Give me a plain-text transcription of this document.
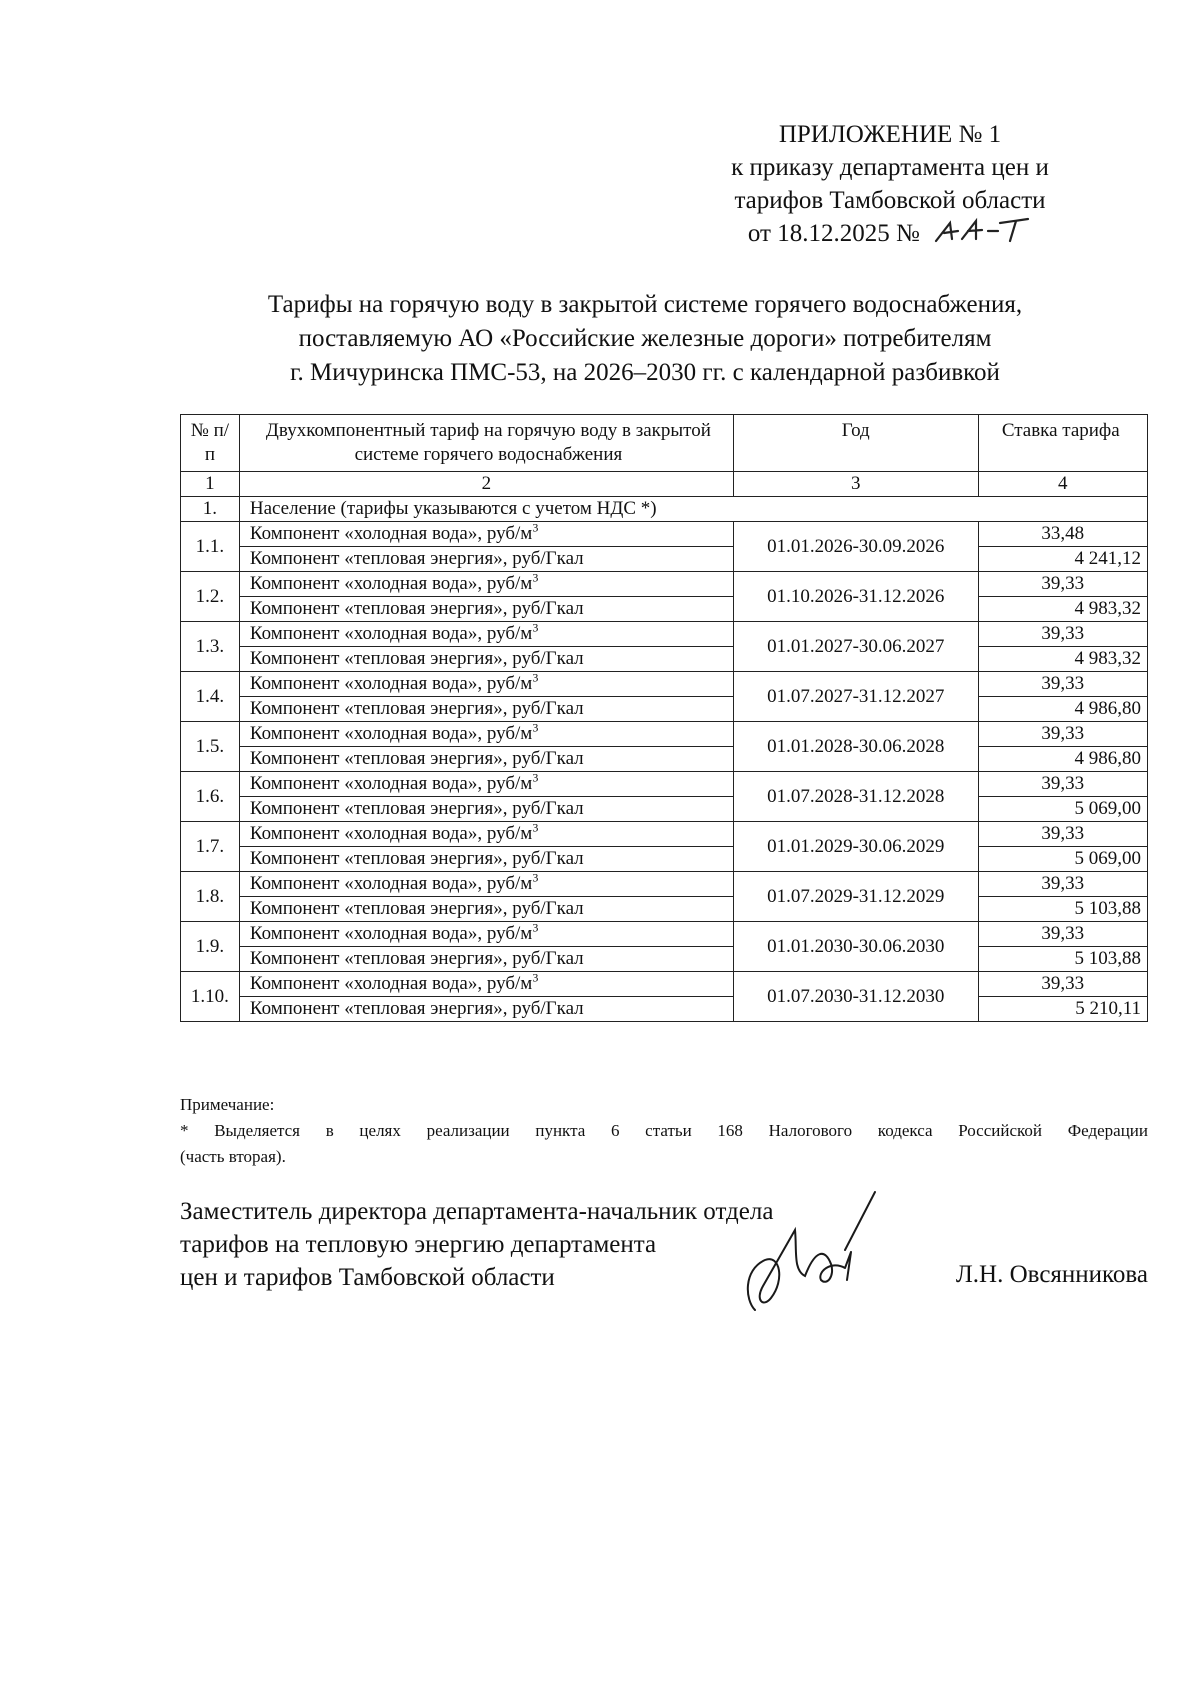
ПРИЛОЖЕНИЕ № 1
к приказу департамента цен и
тарифов Тамбовской области
от 18.12.2025 №
Тарифы на горячую воду в закрытой системе горячего водоснабжения,
поставляемую АО «Российские железные дороги» потребителям
г. Мичуринска ПМС-53, на 2026–2030 гг. с календарной разбивкой
№ п/п	Двухкомпонентный тариф на горячую воду в закрытой системе горячего водоснабжения	Год	Ставка тарифа
1	2	3	4
1.	Население (тарифы указываются с учетом НДС *)		
1.1.	Компонент «холодная вода», руб/$м^3$	01.01.2026-30.09.2026	33,48
	Компонент «тепловая энергия», руб/Гкал		4 241,12
1.2.	Компонент «холодная вода», руб/$м^3$	01.10.2026-31.12.2026	39,33
	Компонент «тепловая энергия», руб/Гкал		4 983,32
1.3.	Компонент «холодная вода», руб/$м^3$	01.01.2027-30.06.2027	39,33
	Компонент «тепловая энергия», руб/Гкал		4 983,32
1.4.	Компонент «холодная вода», руб/$м^3$	01.07.2027-31.12.2027	39,33
	Компонент «тепловая энергия», руб/Гкал		4 986,80
1.5.	Компонент «холодная вода», руб/$м^3$	01.01.2028-30.06.2028	39,33
	Компонент «тепловая энергия», руб/Гкал		4 986,80
1.6.	Компонент «холодная вода», руб/$м^3$	01.07.2028-31.12.2028	39,33
	Компонент «тепловая энергия», руб/Гкал		5 069,00
1.7.	Компонент «холодная вода», руб/$м^3$	01.01.2029-30.06.2029	39,33
	Компонент «тепловая энергия», руб/Гкал		5 069,00
1.8.	Компонент «холодная вода», руб/$м^3$	01.07.2029-31.12.2029	39,33
	Компонент «тепловая энергия», руб/Гкал		5 103,88
1.9.	Компонент «холодная вода», руб/$м^3$	01.01.2030-30.06.2030	39,33
	Компонент «тепловая энергия», руб/Гкал		5 103,88
1.10.	Компонент «холодная вода», руб/$м^3$	01.07.2030-31.12.2030	39,33
	Компонент «тепловая энергия», руб/Гкал		5 210,11
Примечание:
* Выделяется в целях реализации пункта 6 статьи 168 Налогового кодекса Российской Федерации
(часть вторая).
Заместитель директора департамента-начальник отдела
тарифов на тепловую энергию департамента
цен и тарифов Тамбовской области	Л.Н. Овсянникова
